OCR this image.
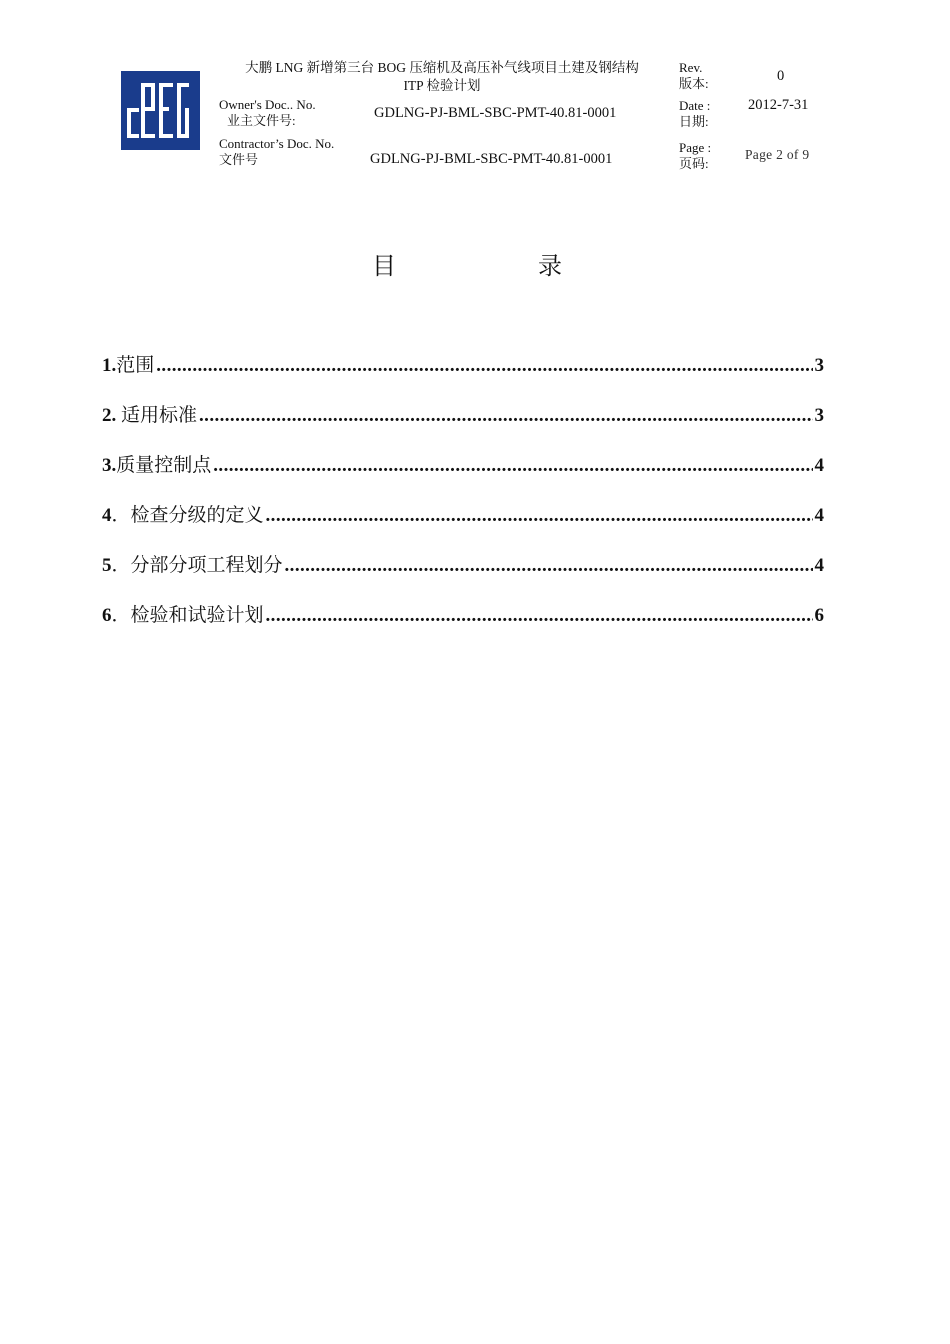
大鹏 LNG 新增第三台 BOG 压缩机及高压补气线项目土建及钢结构
ITP 检验计划
Owner's Doc.. No.
业主文件号:	GDLNG-PJ-BML-SBC-PMT-40.81-0001
Contractor’s Doc. No.
文件号	GDLNG-PJ-BML-SBC-PMT-40.81-0001
Rev.
版本:	0
Date :
日期:
2012-7-31
Page :
页码:
Page 2 of 9
目	录
1. 范围 .....	3
2. 适用标准 .....	3
3. 质量控制点 .....	4
4 ．检查分级的定义 .....	4
5 ．分部分项工程划分 .....	4
6 ．检验和试验计划 .....	6
